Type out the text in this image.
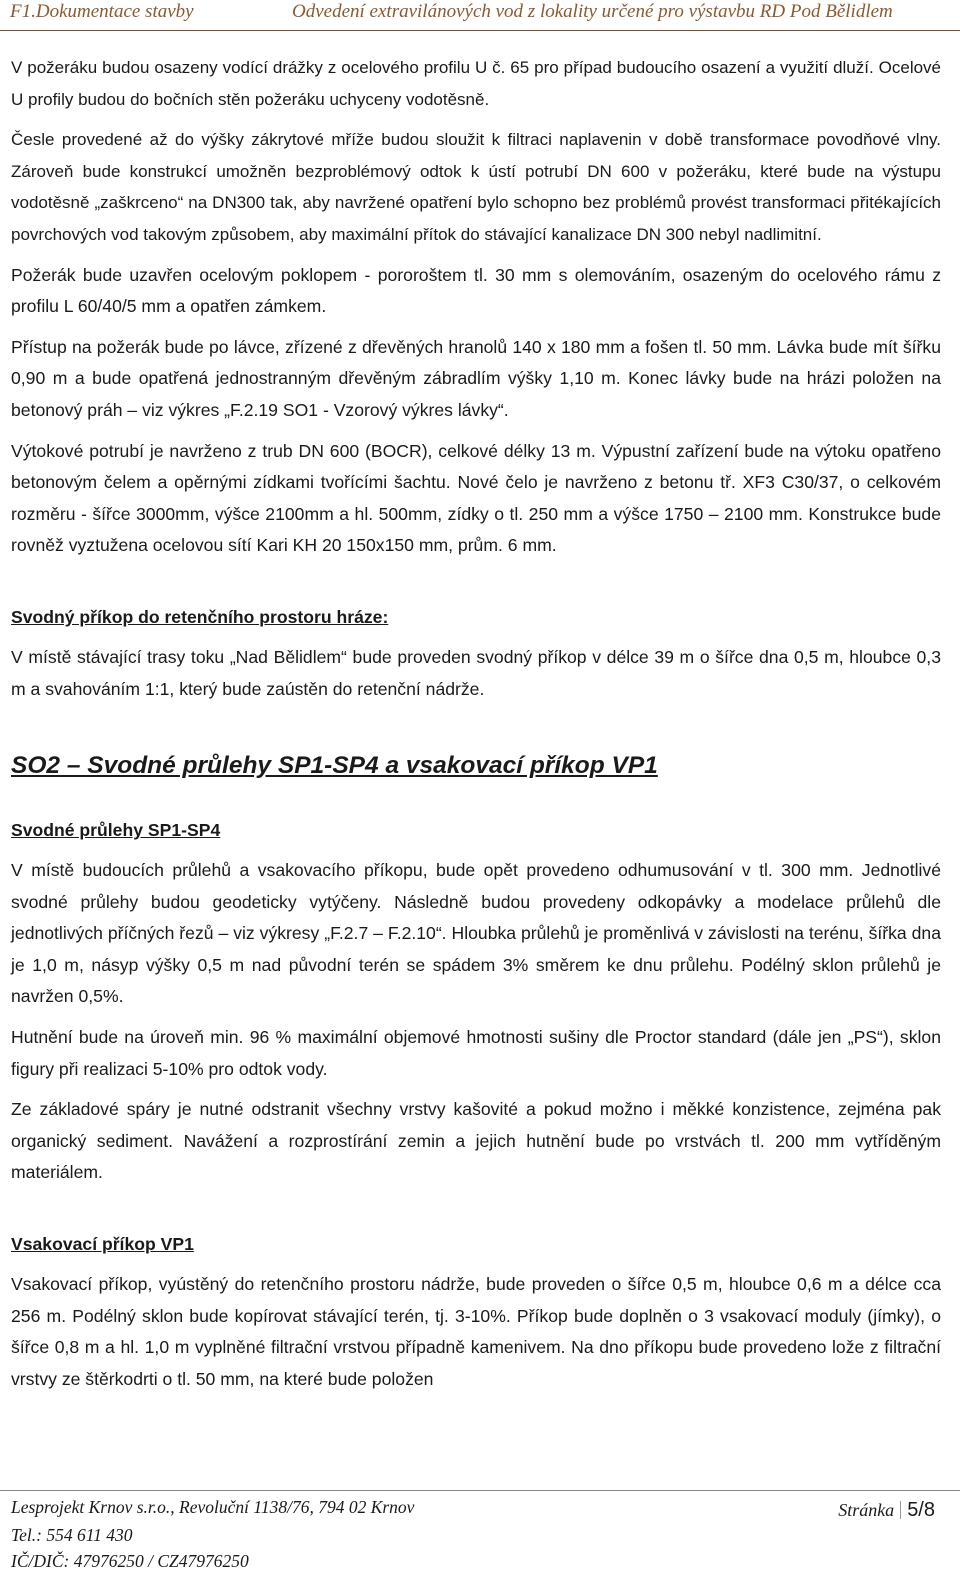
F1.Dokumentace stavby	Odvedení extravilánových vod z lokality určené pro výstavbu RD Pod Bělidlem

V požeráku budou osazeny vodící drážky z ocelového profilu U č. 65 pro případ budoucího osazení a využití dluží. Ocelové U profily budou do bočních stěn požeráku uchyceny vodotěsně.

Česle provedené až do výšky zákrytové mříže budou sloužit k filtraci naplavenin v době transformace povodňové vlny. Zároveň bude konstrukcí umožněn bezproblémový odtok k ústí potrubí DN 600 v požeráku, které bude na výstupu vodotěsně „zaškrceno“ na DN300 tak, aby navržené opatření bylo schopno bez problémů provést transformaci přitékajících povrchových vod takovým způsobem, aby maximální přítok do stávající kanalizace DN 300 nebyl nadlimitní.

Požerák bude uzavřen ocelovým poklopem - pororoštem tl. 30 mm s olemováním, osazeným do ocelového rámu z profilu L 60/40/5 mm a opatřen zámkem.

Přístup na požerák bude po lávce, zřízené z dřevěných hranolů 140 x 180 mm a fošen tl. 50 mm. Lávka bude mít šířku 0,90 m a bude opatřená jednostranným dřevěným zábradlím výšky 1,10 m. Konec lávky bude na hrázi položen na betonový práh – viz výkres „F.2.19 SO1 - Vzorový výkres lávky“.

Výtokové potrubí je navrženo z trub DN 600 (BOCR), celkové délky 13 m. Výpustní zařízení bude na výtoku opatřeno betonovým čelem a opěrnými zídkami tvořícími šachtu. Nové čelo je navrženo z betonu tř. XF3 C30/37, o celkovém rozměru - šířce 3000mm, výšce 2100mm a hl. 500mm, zídky o tl. 250 mm a výšce 1750 – 2100 mm. Konstrukce bude rovněž vyztužena ocelovou sítí Kari KH 20 150x150 mm, prům. 6 mm.

Svodný příkop do retenčního prostoru hráze:

V místě stávající trasy toku „Nad Bělidlem“ bude proveden svodný příkop v délce 39 m o šířce dna 0,5 m, hloubce 0,3 m a svahováním 1:1, který bude zaústěn do retenční nádrže.

SO2 – Svodné průlehy SP1-SP4 a vsakovací příkop VP1
Svodné průlehy SP1-SP4

V místě budoucích průlehů a vsakovacího příkopu, bude opět provedeno odhumusování v tl. 300 mm. Jednotlivé svodné průlehy budou geodeticky vytýčeny. Následně budou provedeny odkopávky a modelace průlehů dle jednotlivých příčných řezů – viz výkresy „F.2.7 – F.2.10“. Hloubka průlehů je proměnlivá v závislosti na terénu, šířka dna je 1,0 m, násyp výšky 0,5 m nad původní terén se spádem 3% směrem ke dnu průlehu. Podélný sklon průlehů je navržen 0,5%.

Hutnění bude na úroveň min. 96 % maximální objemové hmotnosti sušiny dle Proctor standard (dále jen „PS“), sklon figury při realizaci 5-10% pro odtok vody.

Ze základové spáry je nutné odstranit všechny vrstvy kašovité a pokud možno i měkké konzistence, zejména pak organický sediment. Navážení a rozprostírání zemin a jejich hutnění bude po vrstvách tl. 200 mm vytříděným materiálem.

Vsakovací příkop VP1

Vsakovací příkop, vyústěný do retenčního prostoru nádrže, bude proveden o šířce 0,5 m, hloubce 0,6 m a délce cca 256 m. Podélný sklon bude kopírovat stávající terén, tj. 3-10%. Příkop bude doplněn o 3 vsakovací moduly (jímky), o šířce 0,8 m a hl. 1,0 m vyplněné filtrační vrstvou případně kamenivem. Na dno příkopu bude provedeno lože z filtrační vrstvy ze štěrkodrti o tl. 50 mm, na které bude položen

Lesprojekt Krnov s.r.o., Revoluční 1138/76, 794 02 Krnov
Tel.: 554 611 430
IČ/DIČ: 47976250 / CZ47976250
Stránka 5/8
